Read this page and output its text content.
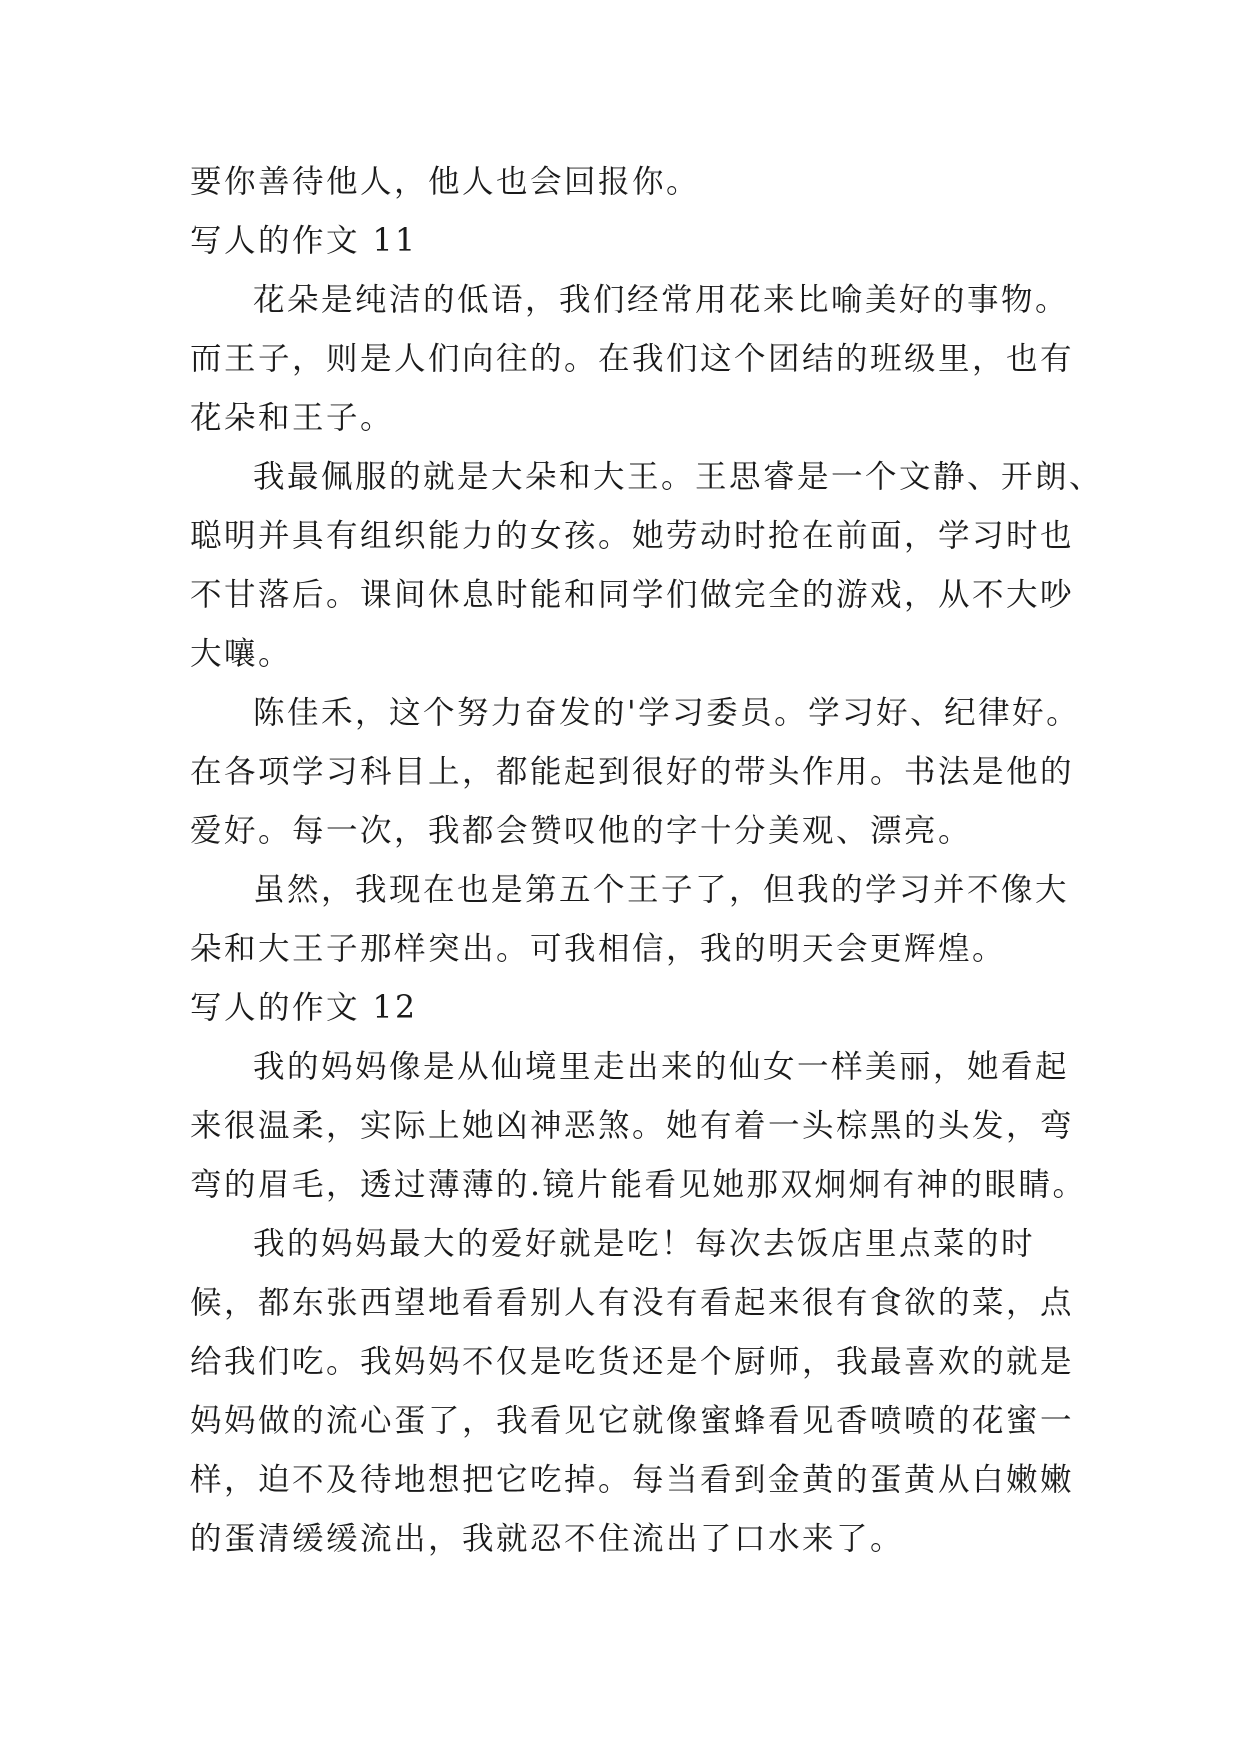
要你善待他人，他人也会回报你。
写人的作文 11
花朵是纯洁的低语，我们经常用花来比喻美好的事物。
而王子，则是人们向往的。在我们这个团结的班级里，也有
花朵和王子。
我最佩服的就是大朵和大王。王思睿是一个文静、开朗、
聪明并具有组织能力的女孩。她劳动时抢在前面，学习时也
不甘落后。课间休息时能和同学们做完全的游戏，从不大吵
大嚷。
陈佳禾，这个努力奋发的'学习委员。学习好、纪律好。
在各项学习科目上，都能起到很好的带头作用。书法是他的
爱好。每一次，我都会赞叹他的字十分美观、漂亮。
虽然，我现在也是第五个王子了，但我的学习并不像大
朵和大王子那样突出。可我相信，我的明天会更辉煌。
写人的作文 12
我的妈妈像是从仙境里走出来的仙女一样美丽，她看起
来很温柔，实际上她凶神恶煞。她有着一头棕黑的头发，弯
弯的眉毛，透过薄薄的.镜片能看见她那双炯炯有神的眼睛。
我的妈妈最大的爱好就是吃！每次去饭店里点菜的时
候，都东张西望地看看别人有没有看起来很有食欲的菜，点
给我们吃。我妈妈不仅是吃货还是个厨师，我最喜欢的就是
妈妈做的流心蛋了，我看见它就像蜜蜂看见香喷喷的花蜜一
样，迫不及待地想把它吃掉。每当看到金黄的蛋黄从白嫩嫩
的蛋清缓缓流出，我就忍不住流出了口水来了。
